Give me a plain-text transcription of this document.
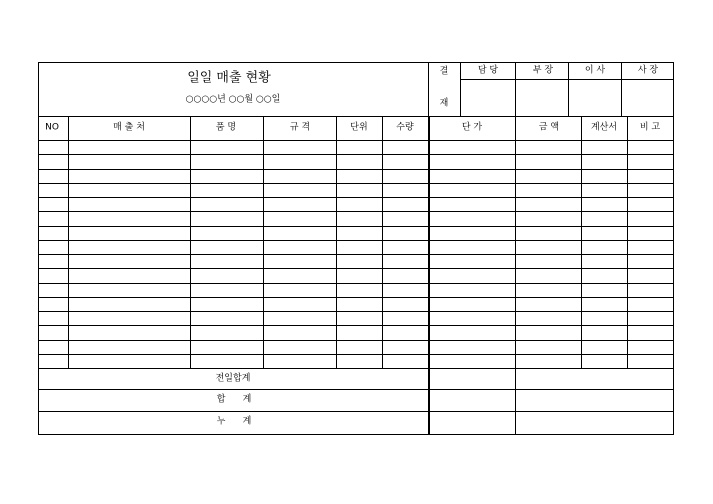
일일 매출 현황
○○○○년 ○○월 ○○일
결
재
담 당	부 장	이 사	사 장
NO	매 출 처	품 명	규 격	단위	수량	단 가	금 액	계산서	비 고
전일합계
합      계
누      계
